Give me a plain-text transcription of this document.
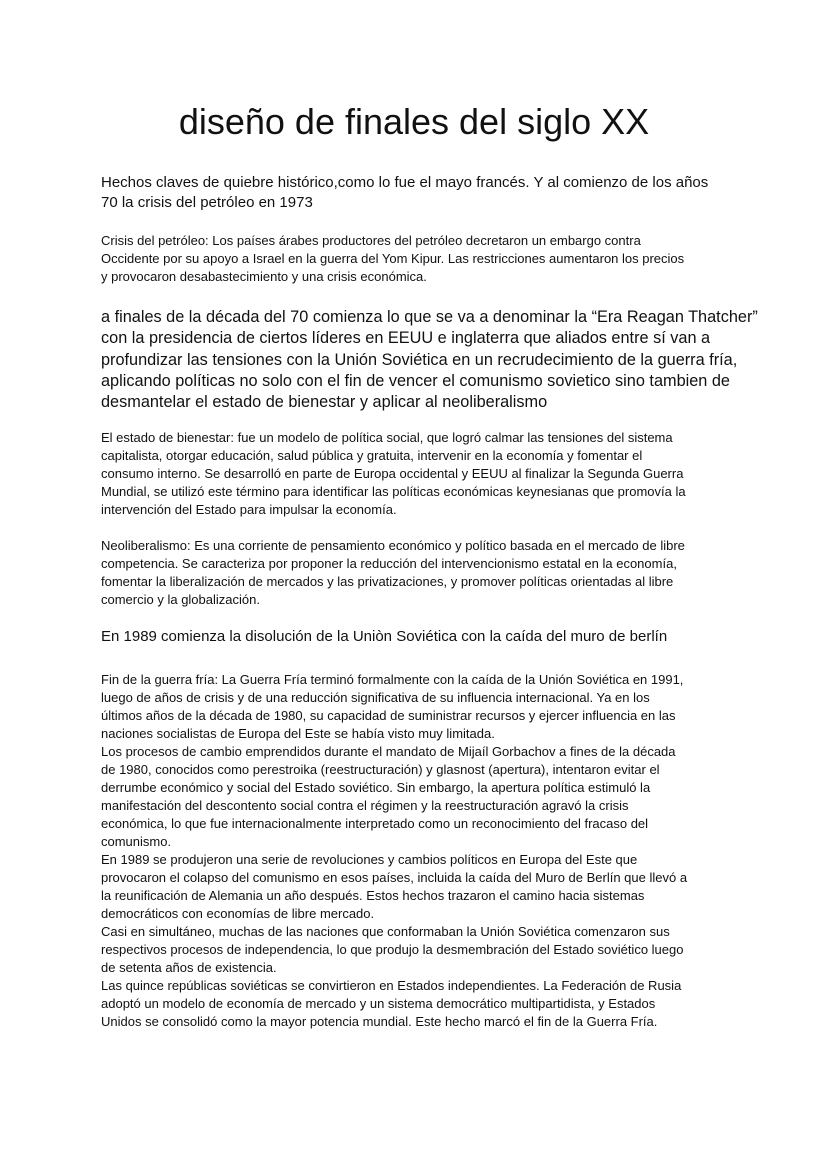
diseño de finales del siglo XX
Hechos claves de quiebre histórico,como lo fue el mayo francés. Y al comienzo de los años
70 la crisis del petróleo en 1973
Crisis del petróleo: Los países árabes productores del petróleo decretaron un embargo contra
Occidente por su apoyo a Israel en la guerra del Yom Kipur. Las restricciones aumentaron los precios
y provocaron desabastecimiento y una crisis económica.
a finales de la década del 70 comienza lo que se va a denominar la “Era Reagan Thatcher”
con la presidencia de ciertos líderes en EEUU e inglaterra que aliados entre sí van a
profundizar las tensiones con la Unión Soviética en un recrudecimiento de la guerra fría,
aplicando políticas no solo con el fin de vencer el comunismo sovietico sino tambien de
desmantelar el estado de bienestar y aplicar al neoliberalismo
El estado de bienestar: fue un modelo de política social, que logró calmar las tensiones del sistema
capitalista, otorgar educación, salud pública y gratuita, intervenir en la economía y fomentar el
consumo interno. Se desarrolló en parte de Europa occidental y EEUU al finalizar la Segunda Guerra
Mundial, se utilizó este término para identificar las políticas económicas keynesianas que promovía la
intervención del Estado para impulsar la economía.
Neoliberalismo: Es una corriente de pensamiento económico y político basada en el mercado de libre
competencia. Se caracteriza por proponer la reducción del intervencionismo estatal en la economía,
fomentar la liberalización de mercados y las privatizaciones, y promover políticas orientadas al libre
comercio y la globalización.
En 1989 comienza la disolución de la Uniòn Soviética con la caída del muro de berlín
Fin de la guerra fría: La Guerra Fría terminó formalmente con la caída de la Unión Soviética en 1991,
luego de años de crisis y de una reducción significativa de su influencia internacional. Ya en los
últimos años de la década de 1980, su capacidad de suministrar recursos y ejercer influencia en las
naciones socialistas de Europa del Este se había visto muy limitada.
Los procesos de cambio emprendidos durante el mandato de Mijaíl Gorbachov a fines de la década
de 1980, conocidos como perestroika (reestructuración) y glasnost (apertura), intentaron evitar el
derrumbe económico y social del Estado soviético. Sin embargo, la apertura política estimuló la
manifestación del descontento social contra el régimen y la reestructuración agravó la crisis
económica, lo que fue internacionalmente interpretado como un reconocimiento del fracaso del
comunismo.
En 1989 se produjeron una serie de revoluciones y cambios políticos en Europa del Este que
provocaron el colapso del comunismo en esos países, incluida la caída del Muro de Berlín que llevó a
la reunificación de Alemania un año después. Estos hechos trazaron el camino hacia sistemas
democráticos con economías de libre mercado.
Casi en simultáneo, muchas de las naciones que conformaban la Unión Soviética comenzaron sus
respectivos procesos de independencia, lo que produjo la desmembración del Estado soviético luego
de setenta años de existencia.
Las quince repúblicas soviéticas se convirtieron en Estados independientes. La Federación de Rusia
adoptó un modelo de economía de mercado y un sistema democrático multipartidista, y Estados
Unidos se consolidó como la mayor potencia mundial. Este hecho marcó el fin de la Guerra Fría.
